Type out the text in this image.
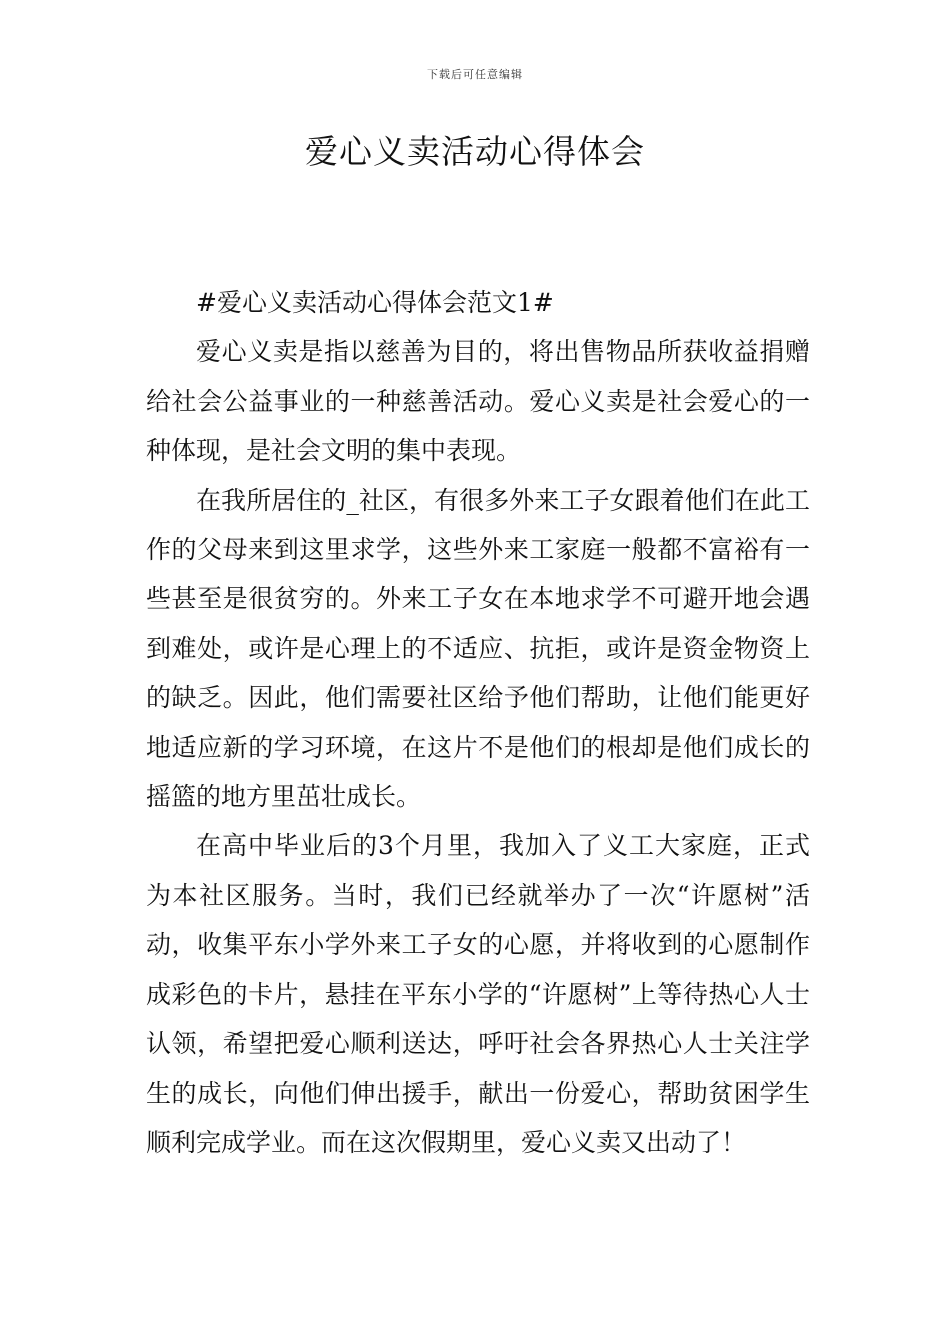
下载后可任意编辑
爱心义卖活动心得体会

#爱心义卖活动心得体会范文1#

爱心义卖是指以慈善为目的，将出售物品所获收益捐赠给社会公益事业的一种慈善活动。爱心义卖是社会爱心的一种体现，是社会文明的集中表现。

在我所居住的_社区，有很多外来工子女跟着他们在此工作的父母来到这里求学，这些外来工家庭一般都不富裕有一些甚至是很贫穷的。外来工子女在本地求学不可避开地会遇到难处，或许是心理上的不适应、抗拒，或许是资金物资上的缺乏。因此，他们需要社区给予他们帮助，让他们能更好地适应新的学习环境，在这片不是他们的根却是他们成长的摇篮的地方里茁壮成长。

在高中毕业后的3个月里，我加入了义工大家庭，正式为本社区服务。当时，我们已经就举办了一次“许愿树”活动，收集平东小学外来工子女的心愿，并将收到的心愿制作成彩色的卡片，悬挂在平东小学的“许愿树”上等待热心人士认领，希望把爱心顺利送达，呼吁社会各界热心人士关注学生的成长，向他们伸出援手，献出一份爱心，帮助贫困学生顺利完成学业。而在这次假期里，爱心义卖又出动了！
